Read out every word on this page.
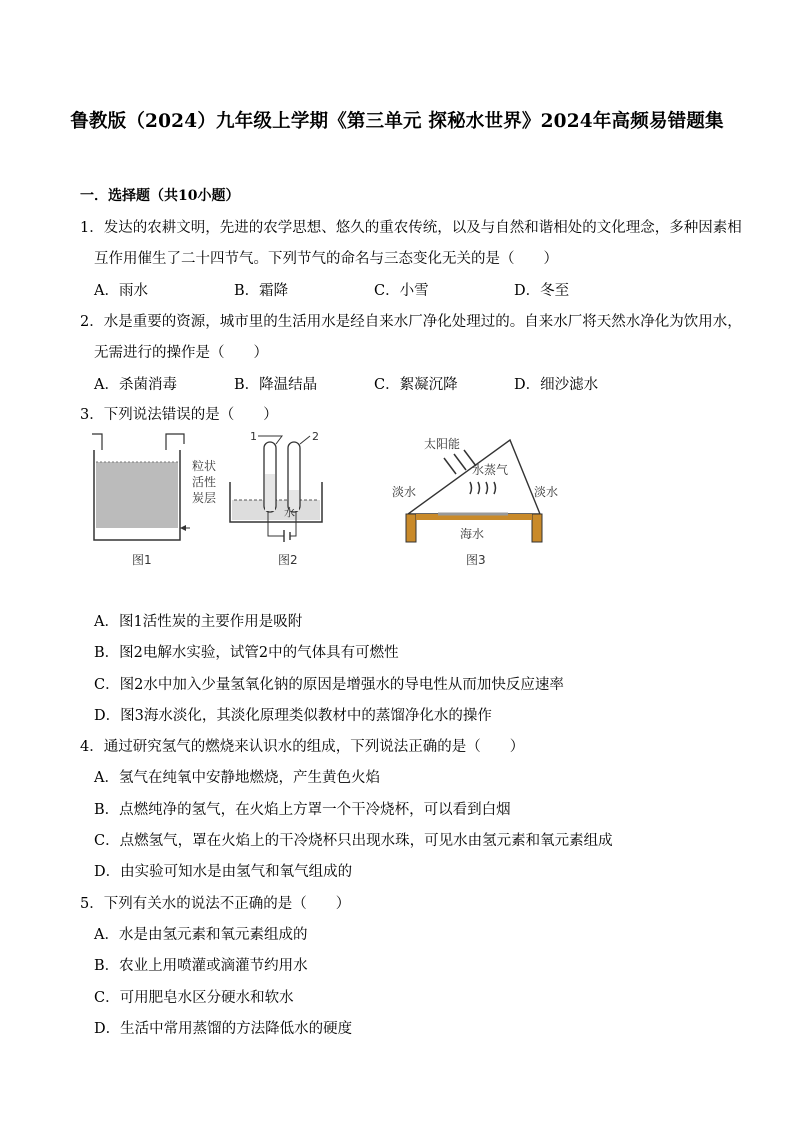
鲁教版（2024）九年级上学期《第三单元 探秘水世界》2024年高频易错题集
一．选择题（共10小题）
1．发达的农耕文明，先进的农学思想、悠久的重农传统，以及与自然和谐相处的文化理念，多种因素相
互作用催生了二十四节气。下列节气的命名与三态变化无关的是（　　）
A．雨水	B．霜降	C．小雪	D．冬至
2．水是重要的资源，城市里的生活用水是经自来水厂净化处理过的。自来水厂将天然水净化为饮用水，
无需进行的操作是（　　）
A．杀菌消毒	B．降温结晶	C．絮凝沉降	D．细沙滤水
3．下列说法错误的是（　　）
粒状
活性
炭层
图1
1	2
水
图2
太阳能
水蒸气
淡水	淡水
海水
图3
A．图1活性炭的主要作用是吸附
B．图2电解水实验，试管2中的气体具有可燃性
C．图2水中加入少量氢氧化钠的原因是增强水的导电性从而加快反应速率
D．图3海水淡化，其淡化原理类似教材中的蒸馏净化水的操作
4．通过研究氢气的燃烧来认识水的组成，下列说法正确的是（　　）
A．氢气在纯氧中安静地燃烧，产生黄色火焰
B．点燃纯净的氢气，在火焰上方罩一个干冷烧杯，可以看到白烟
C．点燃氢气，罩在火焰上的干冷烧杯只出现水珠，可见水由氢元素和氧元素组成
D．由实验可知水是由氢气和氧气组成的
5．下列有关水的说法不正确的是（　　）
A．水是由氢元素和氧元素组成的
B．农业上用喷灌或滴灌节约用水
C．可用肥皂水区分硬水和软水
D．生活中常用蒸馏的方法降低水的硬度
